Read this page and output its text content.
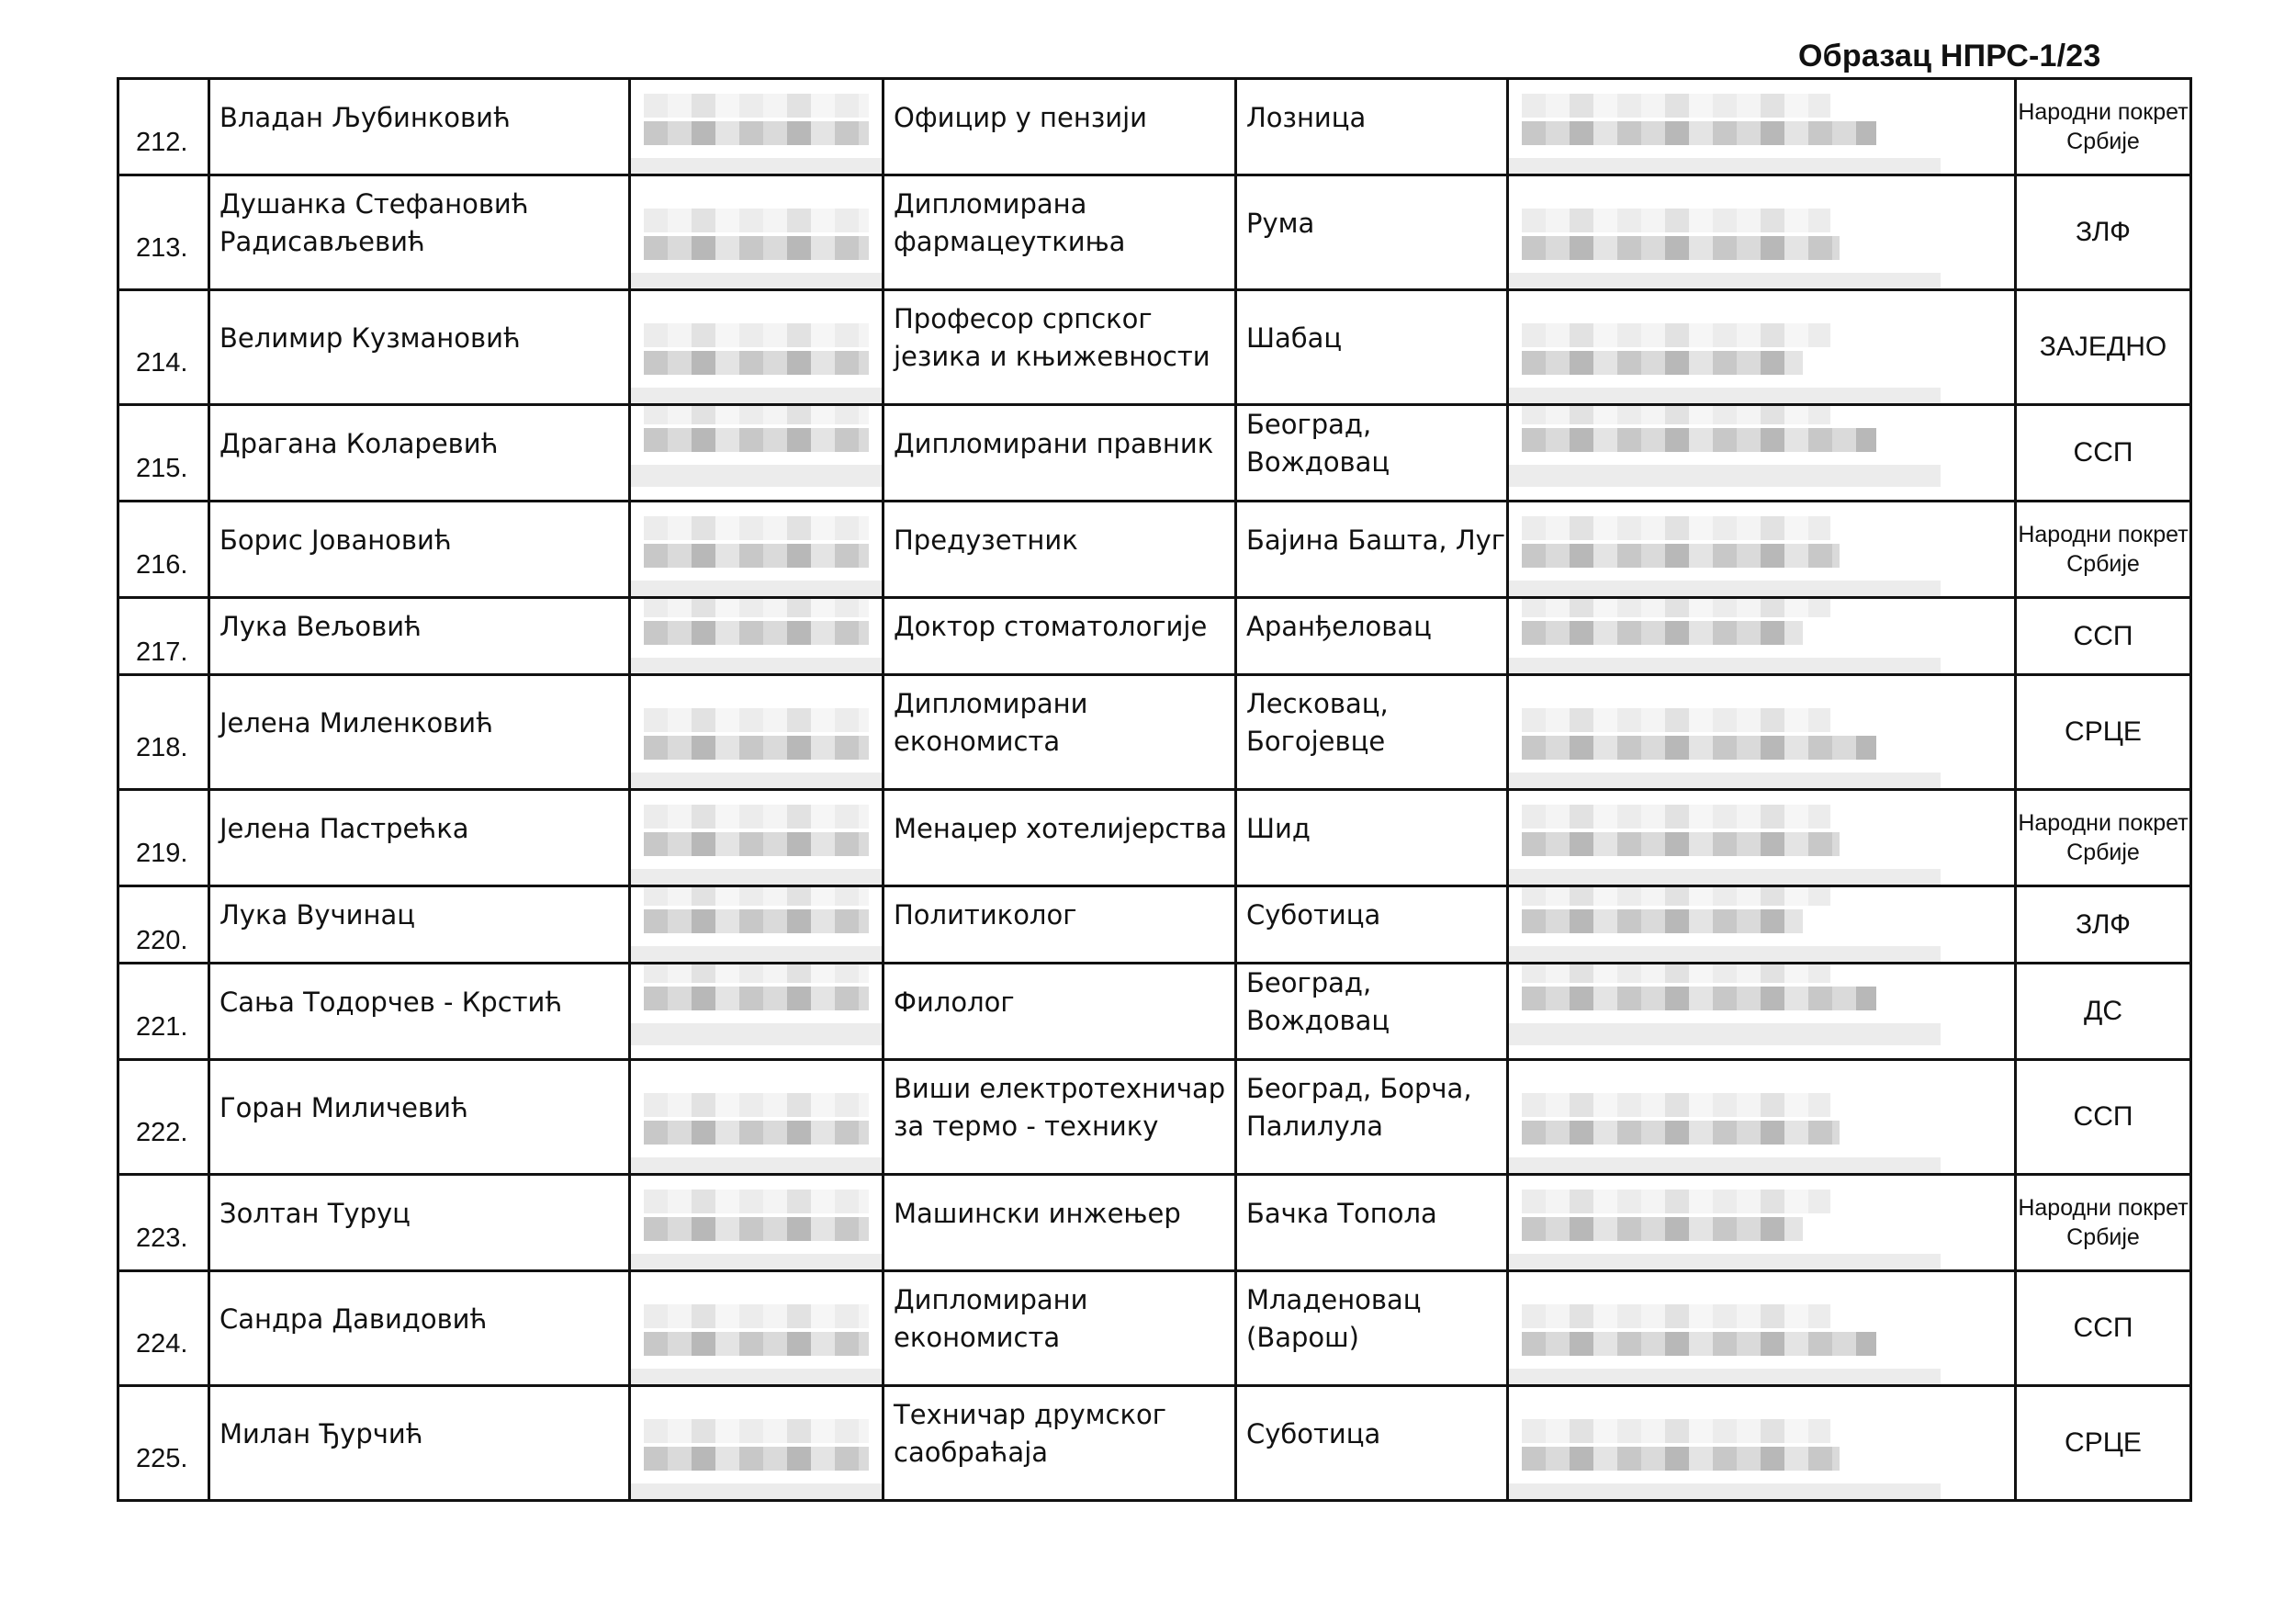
Образац НПРС-1/23
212.	Владан Љубинковић		Официр у пензији	Лозница		Народни покрет Србије
213.	Душанка Стефановић Радисављевић		Дипломирана фармацеуткиња	Рума		ЗЛФ
214.	Велимир Кузмановић		Професор српског језика и књижевности	Шабац		ЗАЈЕДНО
215.	Драгана Коларевић		Дипломирани правник	Београд, Вождовац		ССП
216.	Борис Јовановић		Предузетник	Бајина Башта, Луг		Народни покрет Србије
217.	Лука Вељовић		Доктор стоматологије	Аранђеловац		ССП
218.	Јелена Миленковић		Дипломирани економиста	Лесковац, Богојевце		СРЦЕ
219.	Јелена Пастрећка		Менаџер хотелијерства	Шид		Народни покрет Србије
220.	Лука Вучинац		Политиколог	Суботица		ЗЛФ
221.	Сања Тодорчев - Крстић		Филолог	Београд, Вождовац		ДС
222.	Горан Миличевић		Виши електротехничар за термо - технику	Београд, Борча, Палилула		ССП
223.	Золтан Туруц		Машински инжењер	Бачка Топола		Народни покрет Србије
224.	Сандра Давидовић		Дипломирани економиста	Младеновац (Варош)		ССП
225.	Милан Ђурчић		Техничар друмског саобраћаја	Суботица		СРЦЕ
